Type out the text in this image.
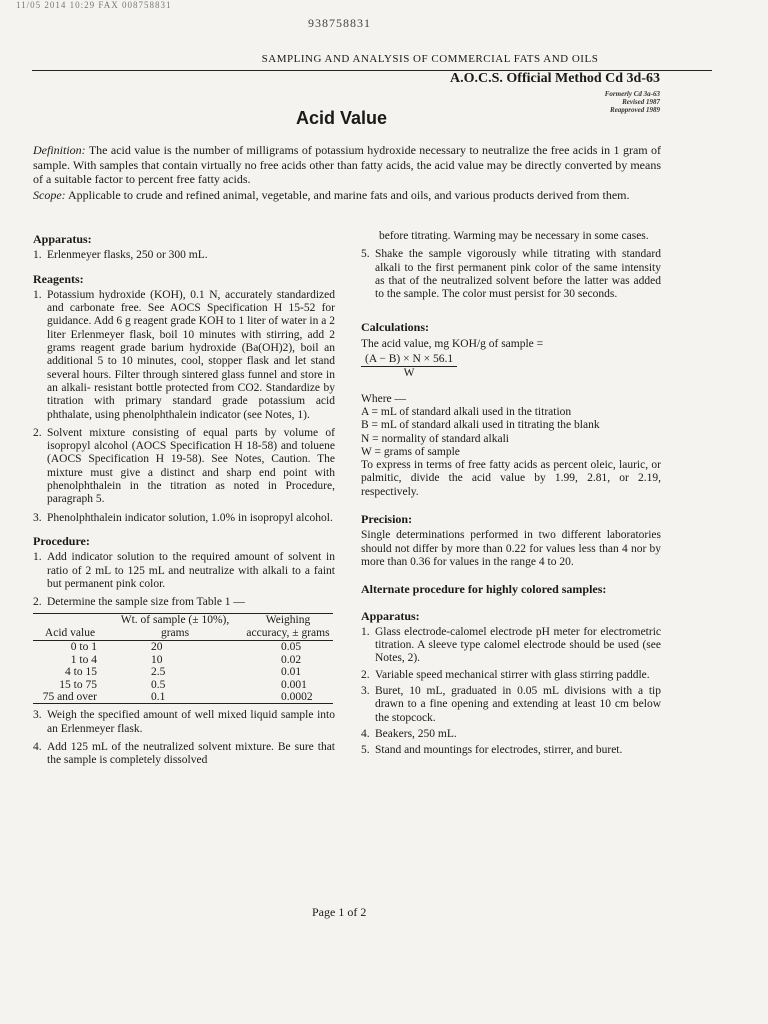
11/05 2014 10:29 FAX 008758831
938758831
SAMPLING AND ANALYSIS OF COMMERCIAL FATS AND OILS
A.O.C.S. Official Method Cd 3d-63
Formerly Cd 3a-63
Revised 1987
Reapproved 1989
Acid Value

Definition: The acid value is the number of milligrams of potassium hydroxide necessary to neutralize the free acids in 1 gram of sample. With samples that contain virtually no free acids other than fatty acids, the acid value may be directly converted by means of a suitable factor to percent free fatty acids.

Scope: Applicable to crude and refined animal, vegetable, and marine fats and oils, and various products derived from them.

Apparatus:
1. Erlenmeyer flasks, 250 or 300 mL.
Reagents:
1. Potassium hydroxide (KOH), 0.1 N, accurately standardized and carbonate free. See AOCS Specification H 15-52 for guidance. Add 6 g reagent grade KOH to 1 liter of water in a 2 liter Erlenmeyer flask, boil 10 minutes with stirring, add 2 grams reagent grade barium hydroxide (Ba(OH)2), boil an additional 5 to 10 minutes, cool, stopper flask and let stand several hours. Filter through sintered glass funnel and store in an alkali- resistant bottle protected from CO2. Standardize by titration with primary standard grade potassium acid phthalate, using phenolphthalein indicator (see Notes, 1).
2. Solvent mixture consisting of equal parts by volume of isopropyl alcohol (AOCS Specification H 18-58) and toluene (AOCS Specification H 19-58). See Notes, Caution. The mixture must give a distinct and sharp end point with phenolphthalein in the titration as noted in Procedure, paragraph 5.
3. Phenolphthalein indicator solution, 1.0% in isopropyl alcohol.
Procedure:
1. Add indicator solution to the required amount of solvent in ratio of 2 mL to 125 mL and neutralize with alkali to a faint but permanent pink color.
2. Determine the sample size from Table 1 —
Acid value	Wt. of sample (± 10%), grams	Weighing accuracy, ± grams
0 to 1	20	0.05
1 to 4	10	0.02
4 to 15	2.5	0.01
15 to 75	0.5	0.001
75 and over	0.1	0.0002
3. Weigh the specified amount of well mixed liquid sample into an Erlenmeyer flask.
4. Add 125 mL of the neutralized solvent mixture. Be sure that the sample is completely dissolved
before titrating. Warming may be necessary in some cases.
5. Shake the sample vigorously while titrating with standard alkali to the first permanent pink color of the same intensity as that of the neutralized solvent before the latter was added to the sample. The color must persist for 30 seconds.
Calculations:
The acid value, mg KOH/g of sample =
$\frac{(A - B) \times N \times 56.1}{W}$
Where —
A = mL of standard alkali used in the titration
B = mL of standard alkali used in titrating the blank
N = normality of standard alkali
W = grams of sample
To express in terms of free fatty acids as percent oleic, lauric, or palmitic, divide the acid value by 1.99, 2.81, or 2.19, respectively.
Precision:
Single determinations performed in two different laboratories should not differ by more than 0.22 for values less than 4 nor by more than 0.36 for values in the range 4 to 20.
Alternate procedure for highly colored samples:
Apparatus:
1. Glass electrode-calomel electrode pH meter for electrometric titration. A sleeve type calomel electrode should be used (see Notes, 2).
2. Variable speed mechanical stirrer with glass stirring paddle.
3. Buret, 10 mL, graduated in 0.05 mL divisions with a tip drawn to a fine opening and extending at least 10 cm below the stopcock.
4. Beakers, 250 mL.
5. Stand and mountings for electrodes, stirrer, and buret.
Page 1 of 2
